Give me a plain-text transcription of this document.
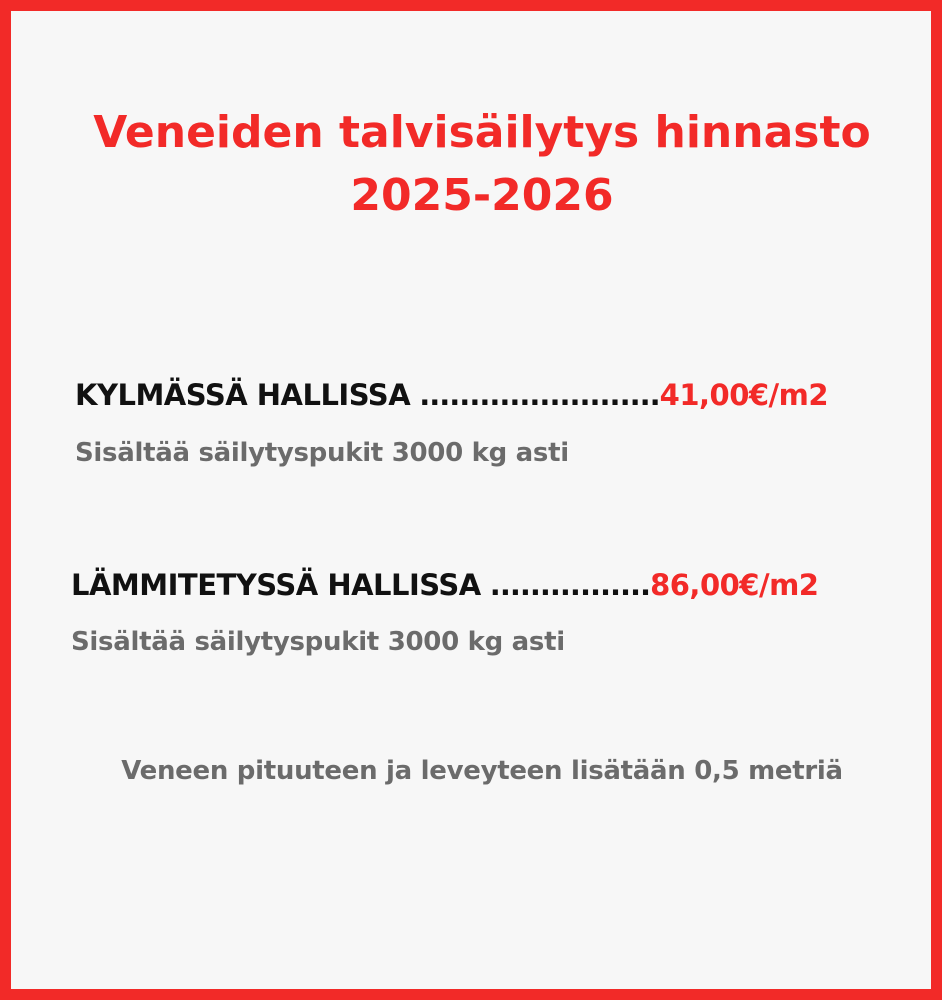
Veneiden talvisäilytys hinnasto
2025-2026
KYLMÄSSÄ HALLISSA ........................41,00€/m2
Sisältää säilytyspukit 3000 kg asti
LÄMMITETYSSÄ HALLISSA ................86,00€/m2
Sisältää säilytyspukit 3000 kg asti
Veneen pituuteen ja leveyteen lisätään 0,5 metriä
